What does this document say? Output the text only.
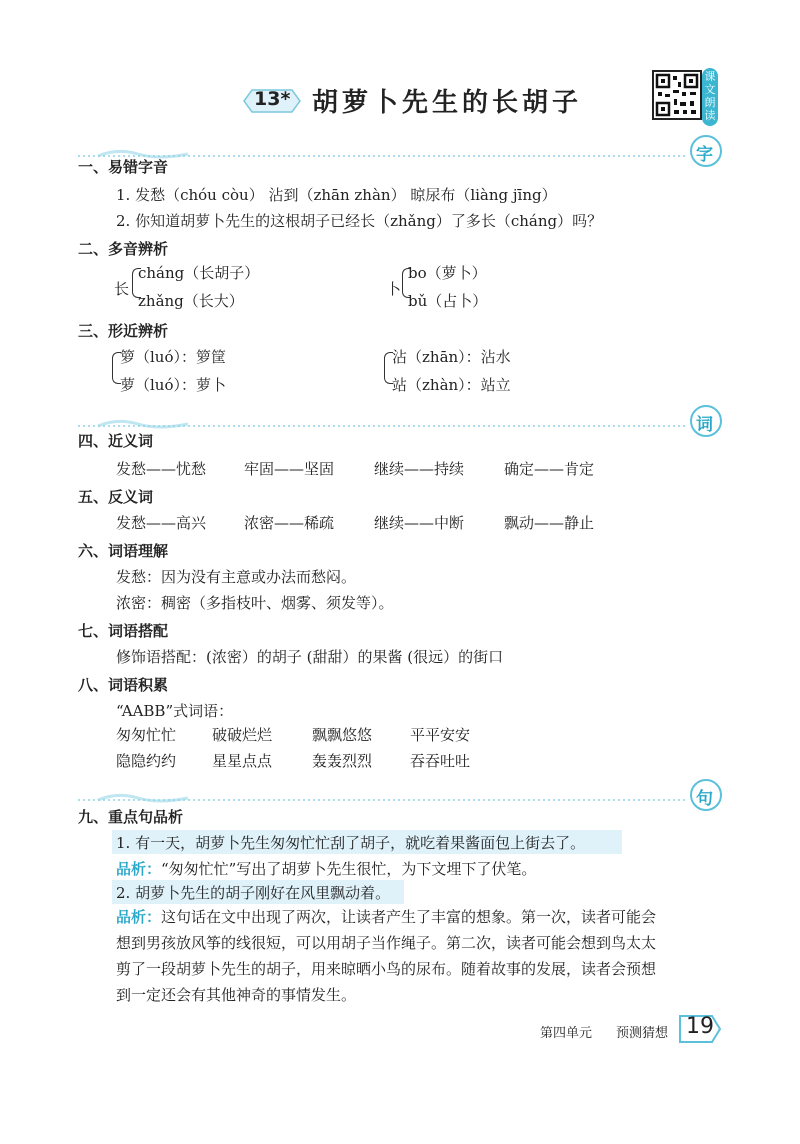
13* 胡萝卜先生的长胡子
课文朗读
字
一、易错字音
1. 发愁（chóu còu） 沾到（zhān zhàn） 晾尿布（liàng jīng）
2. 你知道胡萝卜先生的这根胡子已经长（zhǎng）了多长（cháng）吗？
二、多音辨析
长
cháng（长胡子）
zhǎng（长大）
卜
bo（萝卜）
bǔ（占卜）
三、形近辨析
箩（luó）：箩筐
萝（luó）：萝卜
沾（zhān）：沾水
站（zhàn）：站立
词
四、近义词
发愁——忧愁	牢固——坚固	继续——持续	确定——肯定
五、反义词
发愁——高兴	浓密——稀疏	继续——中断	飘动——静止
六、词语理解
发愁：因为没有主意或办法而愁闷。
浓密：稠密（多指枝叶、烟雾、须发等）。
七、词语搭配
修饰语搭配：(浓密）的胡子 (甜甜）的果酱 (很远）的街口
八、词语积累
“AABB”式词语：
匆匆忙忙 破破烂烂	飘飘悠悠	平平安安
隐隐约约 星星点点	轰轰烈烈	吞吞吐吐
句
九、重点句品析
1. 有一天，胡萝卜先生匆匆忙忙刮了胡子，就吃着果酱面包上街去了。
品析：“匆匆忙忙”写出了胡萝卜先生很忙，为下文埋下了伏笔。
2. 胡萝卜先生的胡子刚好在风里飘动着。
品析：这句话在文中出现了两次，让读者产生了丰富的想象。第一次，读者可能会
想到男孩放风筝的线很短，可以用胡子当作绳子。第二次，读者可能会想到鸟太太
剪了一段胡萝卜先生的胡子，用来晾晒小鸟的尿布。随着故事的发展，读者会预想
到一定还会有其他神奇的事情发生。
第四单元 预测猜想 19
